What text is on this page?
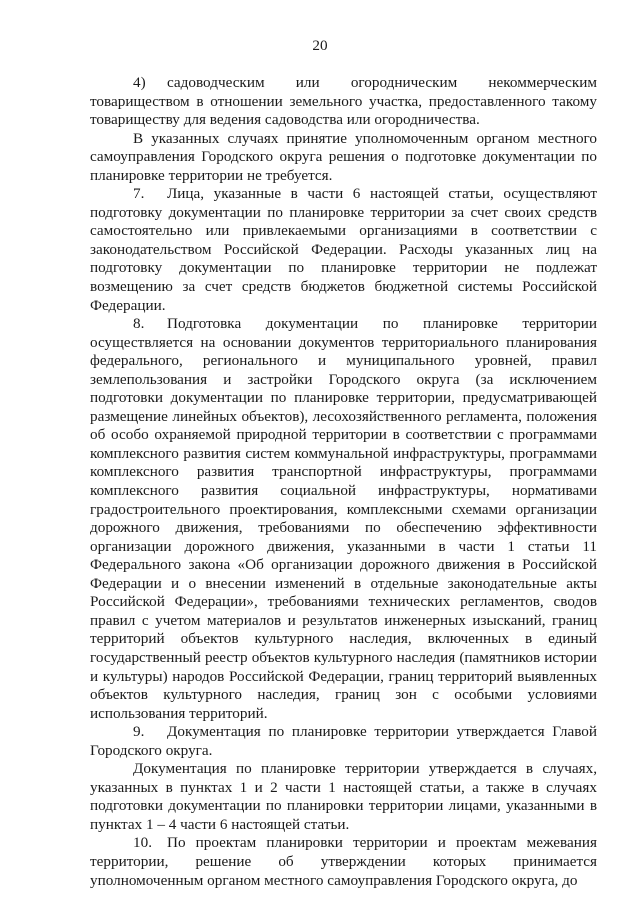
20

4) садоводческим или огородническим некоммерческим товариществом в отношении земельного участка, предоставленного такому товариществу для ведения садоводства или огородничества.

В указанных случаях принятие уполномоченным органом местного самоуправления Городского округа решения о подготовке документации по планировке территории не требуется.

7. Лица, указанные в части 6 настоящей статьи, осуществляют подготовку документации по планировке территории за счет своих средств самостоятельно или привлекаемыми организациями в соответствии с законодательством Российской Федерации. Расходы указанных лиц на подготовку документации по планировке территории не подлежат возмещению за счет средств бюджетов бюджетной системы Российской Федерации.

8. Подготовка документации по планировке территории осуществляется на основании документов территориального планирования федерального, регионального и муниципального уровней, правил землепользования и застройки Городского округа (за исключением подготовки документации по планировке территории, предусматривающей размещение линейных объектов), лесохозяйственного регламента, положения об особо охраняемой природной территории в соответствии с программами комплексного развития систем коммунальной инфраструктуры, программами комплексного развития транспортной инфраструктуры, программами комплексного развития социальной инфраструктуры, нормативами градостроительного проектирования, комплексными схемами организации дорожного движения, требованиями по обеспечению эффективности организации дорожного движения, указанными в части 1 статьи 11 Федерального закона «Об организации дорожного движения в Российской Федерации и о внесении изменений в отдельные законодательные акты Российской Федерации», требованиями технических регламентов, сводов правил с учетом материалов и результатов инженерных изысканий, границ территорий объектов культурного наследия, включенных в единый государственный реестр объектов культурного наследия (памятников истории и культуры) народов Российской Федерации, границ территорий выявленных объектов культурного наследия, границ зон с особыми условиями использования территорий.

9. Документация по планировке территории утверждается Главой Городского округа.

Документация по планировке территории утверждается в случаях, указанных в пунктах 1 и 2 части 1 настоящей статьи, а также в случаях подготовки документации по планировки территории лицами, указанными в пунктах 1 – 4 части 6 настоящей статьи.

10. По проектам планировки территории и проектам межевания территории, решение об утверждении которых принимается уполномоченным органом местного самоуправления Городского округа, до
